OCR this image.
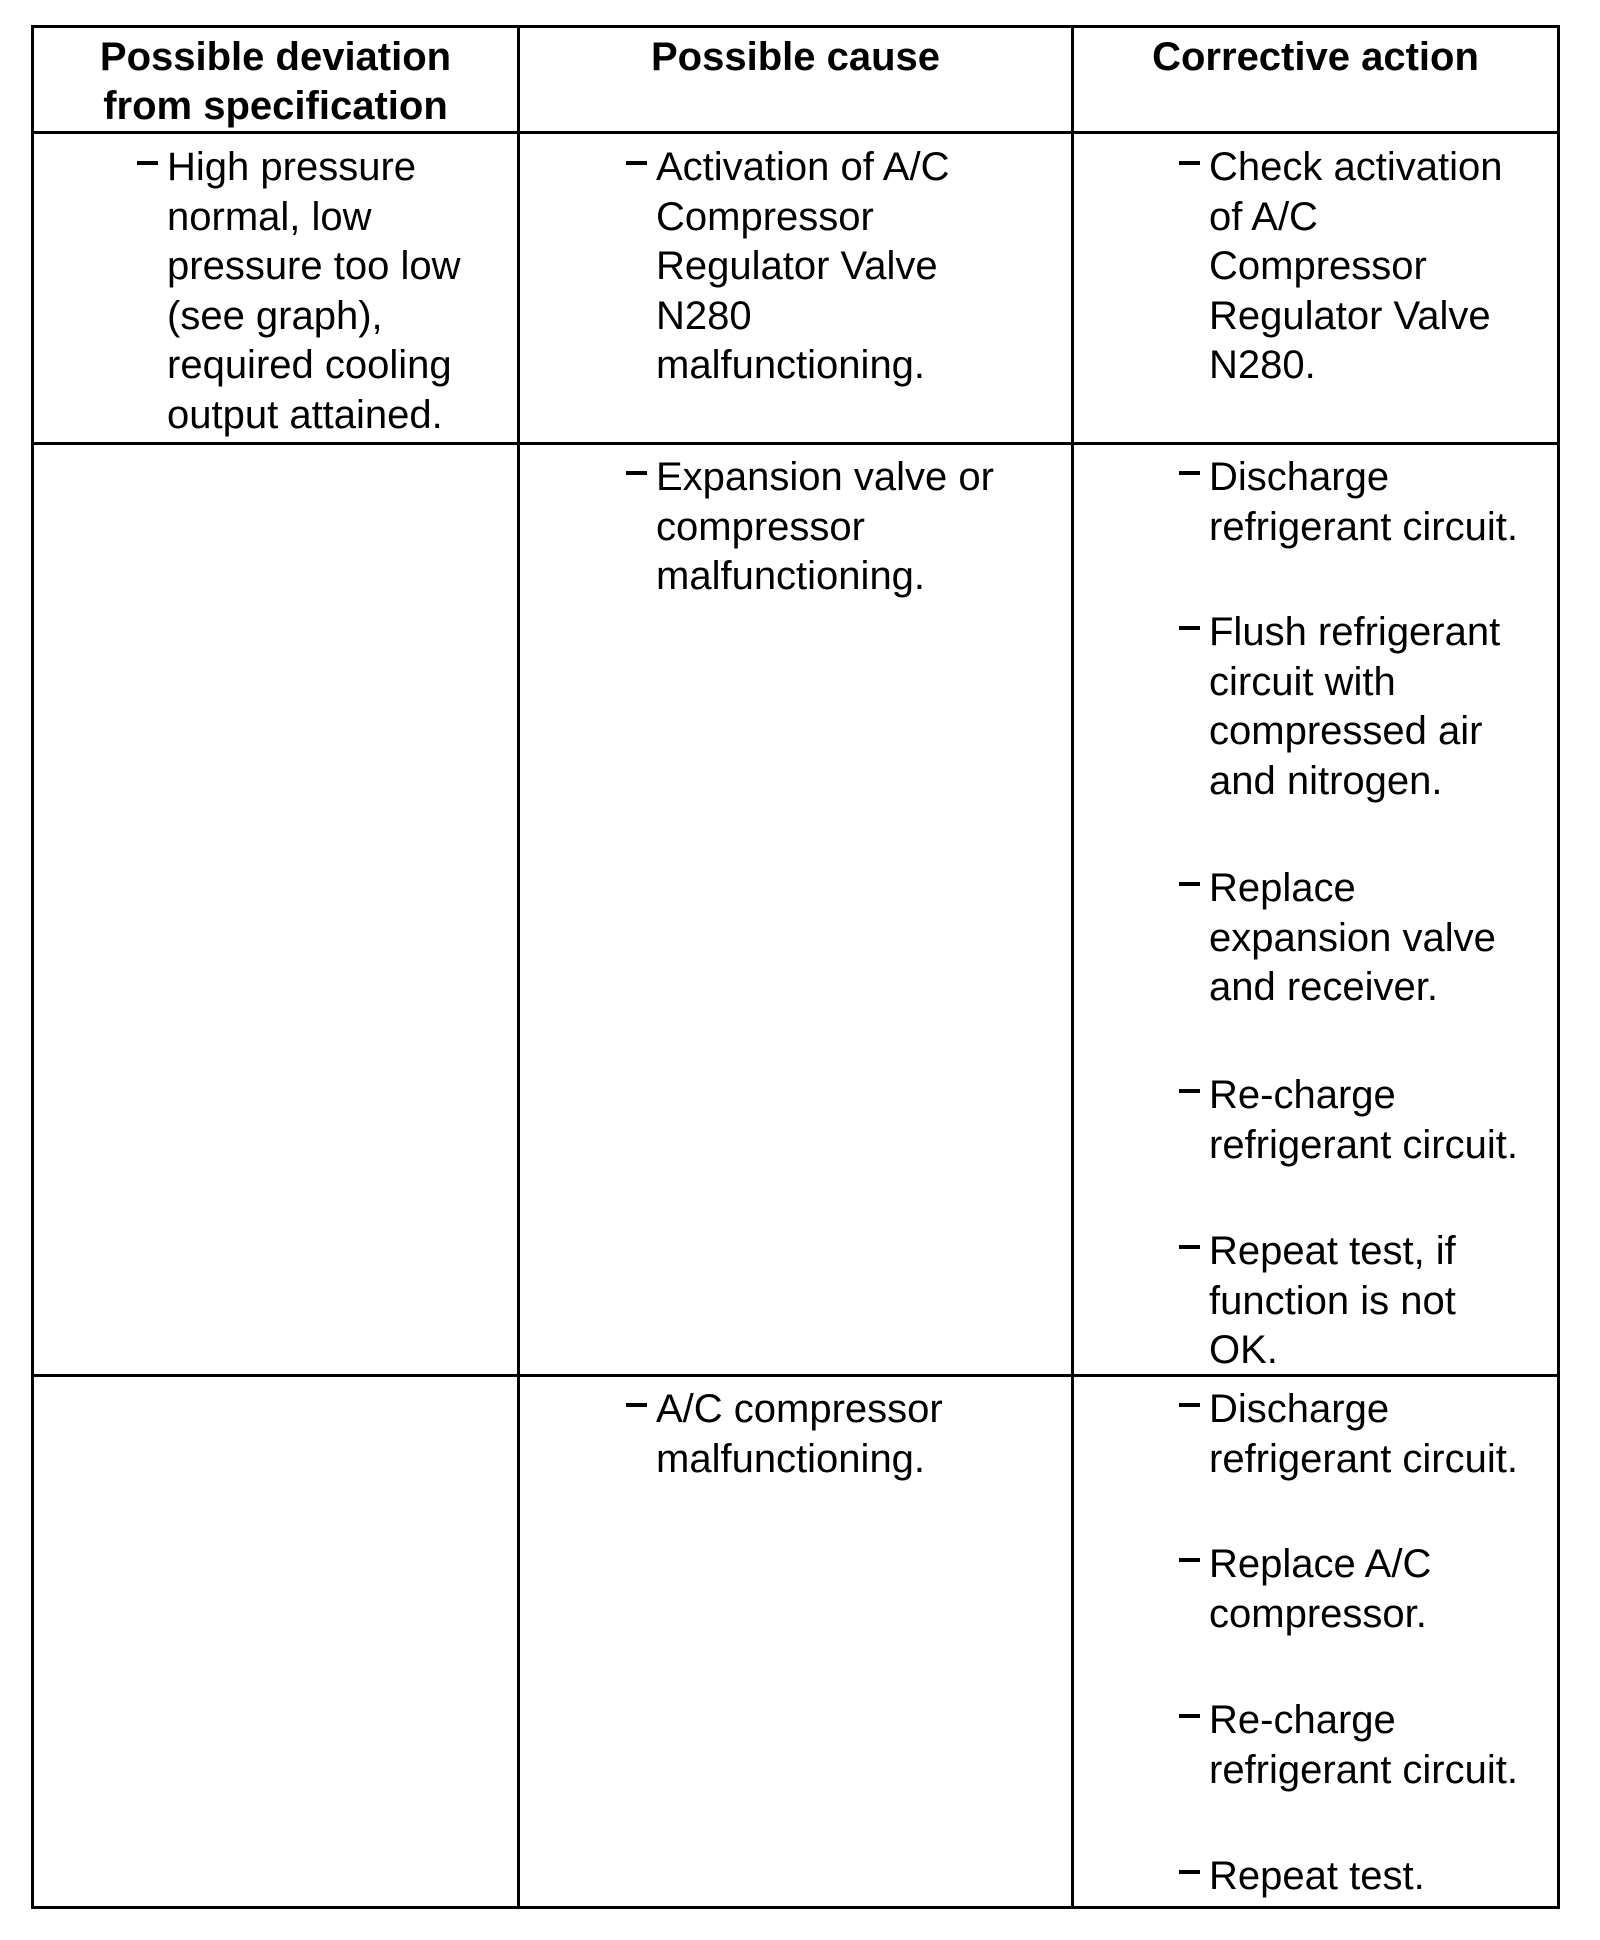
Possible deviation
from specification
Possible cause	Corrective action
High pressure
normal, low
pressure too low
(see graph),
required cooling
output attained.
Activation of A/C
Compressor
Regulator Valve
N280
malfunctioning.
Check activation
of A/C
Compressor
Regulator Valve
N280.
Expansion valve or
compressor
malfunctioning.
Discharge
refrigerant circuit.
Flush refrigerant
circuit with
compressed air
and nitrogen.
Replace
expansion valve
and receiver.
Re-charge
refrigerant circuit.
Repeat test, if
function is not
OK.
A/C compressor
malfunctioning.
Discharge
refrigerant circuit.
Replace A/C
compressor.
Re-charge
refrigerant circuit.
Repeat test.
